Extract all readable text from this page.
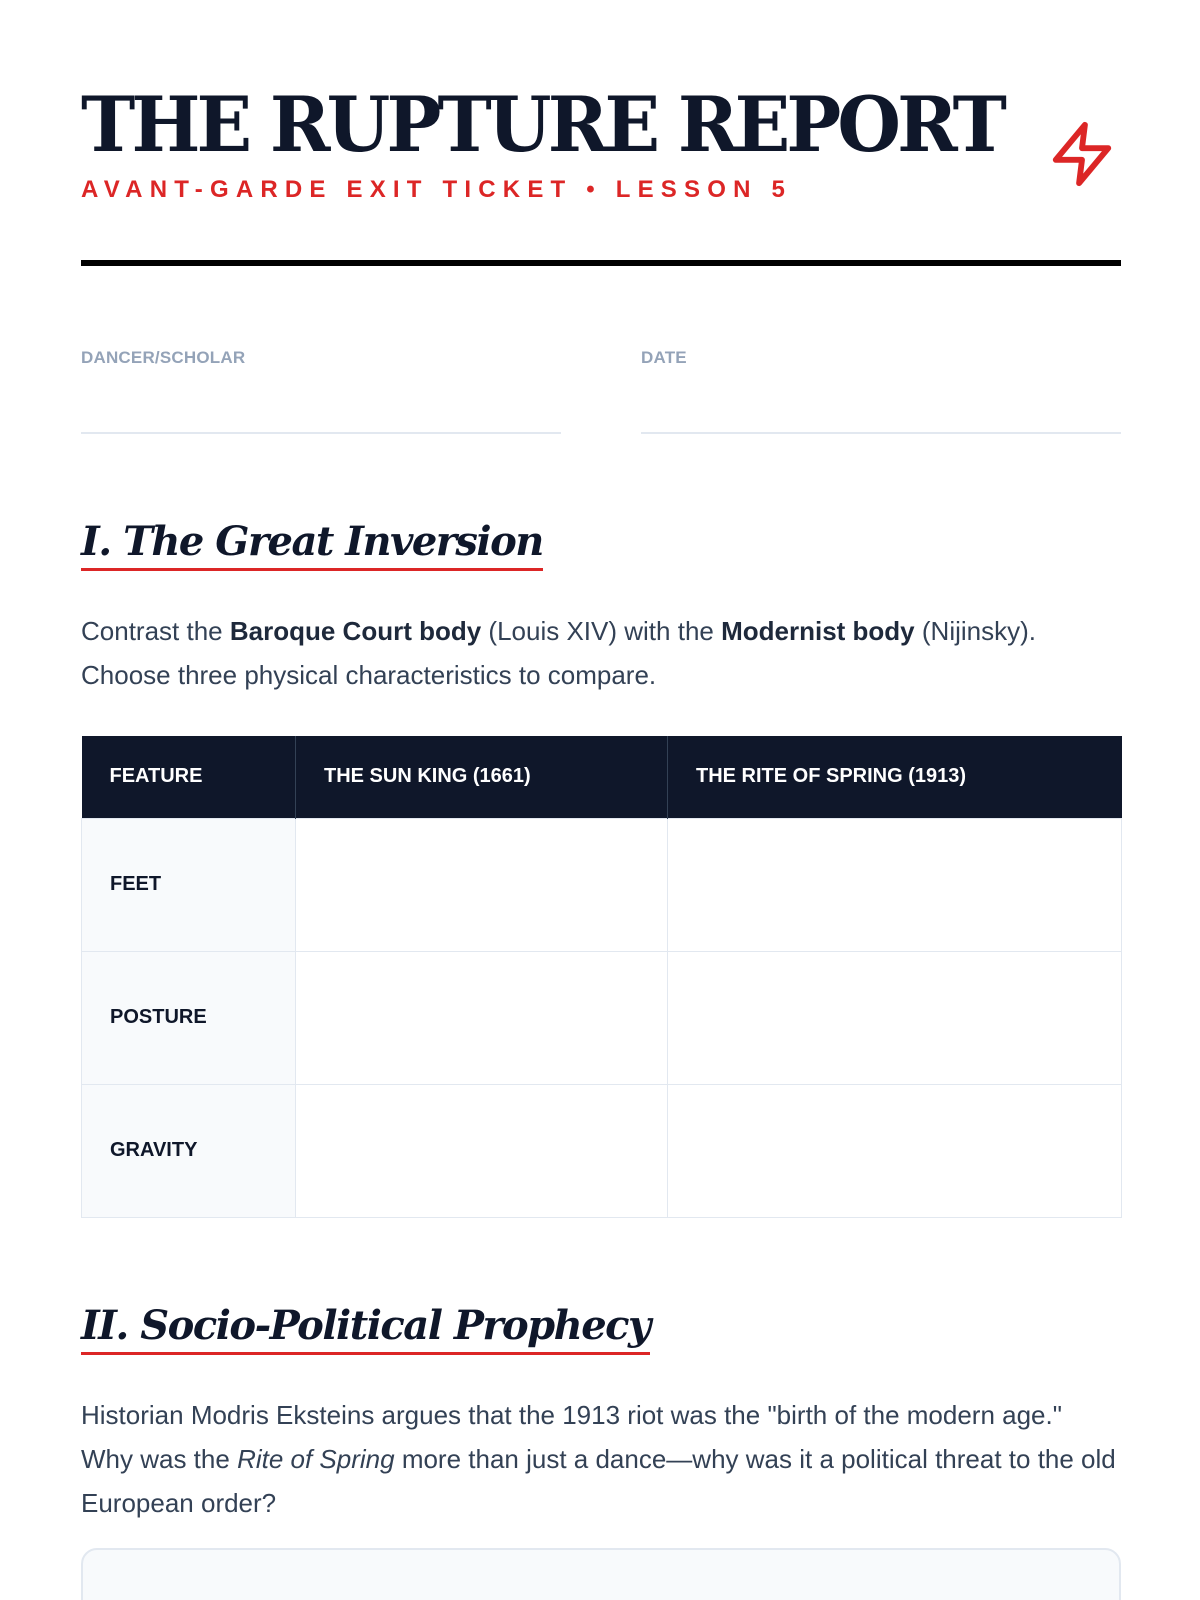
THE RUPTURE REPORT
AVANT-GARDE EXIT TICKET • LESSON 5
DANCER/SCHOLAR	DATE
I. The Great Inversion

Contrast the Baroque Court body (Louis XIV) with the Modernist body (Nijinsky). Choose three physical characteristics to compare.

FEATURE	THE SUN KING (1661)	THE RITE OF SPRING (1913)
FEET		
POSTURE		
GRAVITY		
II. Socio-Political Prophecy

Historian Modris Eksteins argues that the 1913 riot was the "birth of the modern age." Why was the Rite of Spring more than just a dance—why was it a political threat to the old European order?
